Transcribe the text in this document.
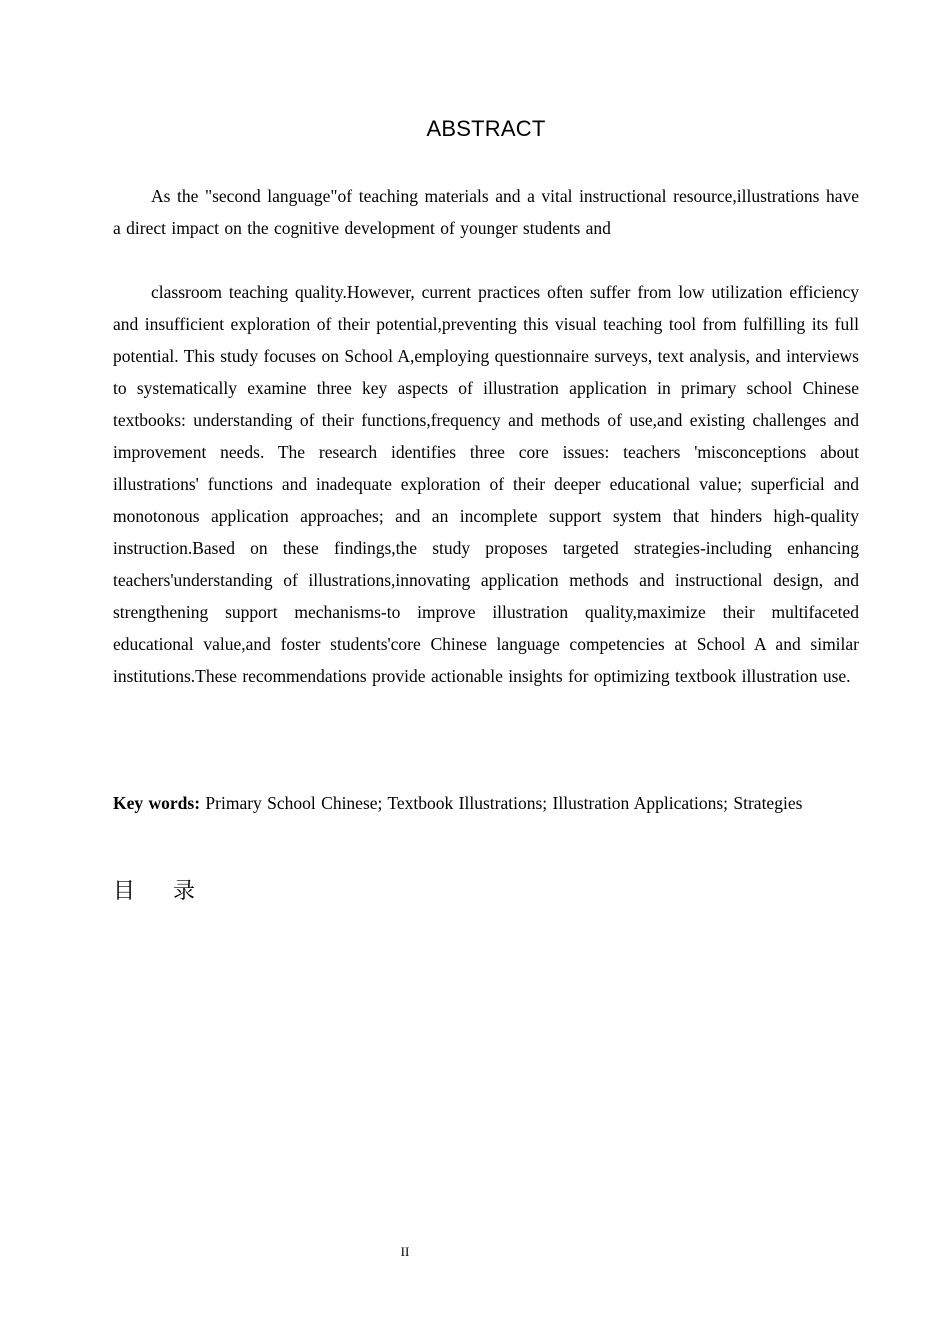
ABSTRACT

As the "second language"of teaching materials and a vital instructional resource,illustrations have a direct impact on the cognitive development of younger students and

classroom teaching quality.However, current practices often suffer from low utilization efficiency and insufficient exploration of their potential,preventing this visual teaching tool from fulfilling its full potential. This study focuses on School A,employing questionnaire surveys, text analysis, and interviews to systematically examine three key aspects of illustration application in primary school Chinese textbooks: understanding of their functions,frequency and methods of use,and existing challenges and improvement needs. The research identifies three core issues: teachers 'misconceptions about illustrations' functions and inadequate exploration of their deeper educational value; superficial and monotonous application approaches; and an incomplete support system that hinders high-quality instruction.Based on these findings,the study proposes targeted strategies-including enhancing teachers'understanding of illustrations,innovating application methods and instructional design, and strengthening support mechanisms-to improve illustration quality,maximize their multifaceted educational value,and foster students'core Chinese language competencies at School A and similar institutions.These recommendations provide actionable insights for optimizing textbook illustration use.

Key words: Primary School Chinese; Textbook Illustrations; Illustration Applications; Strategies

目录
II
